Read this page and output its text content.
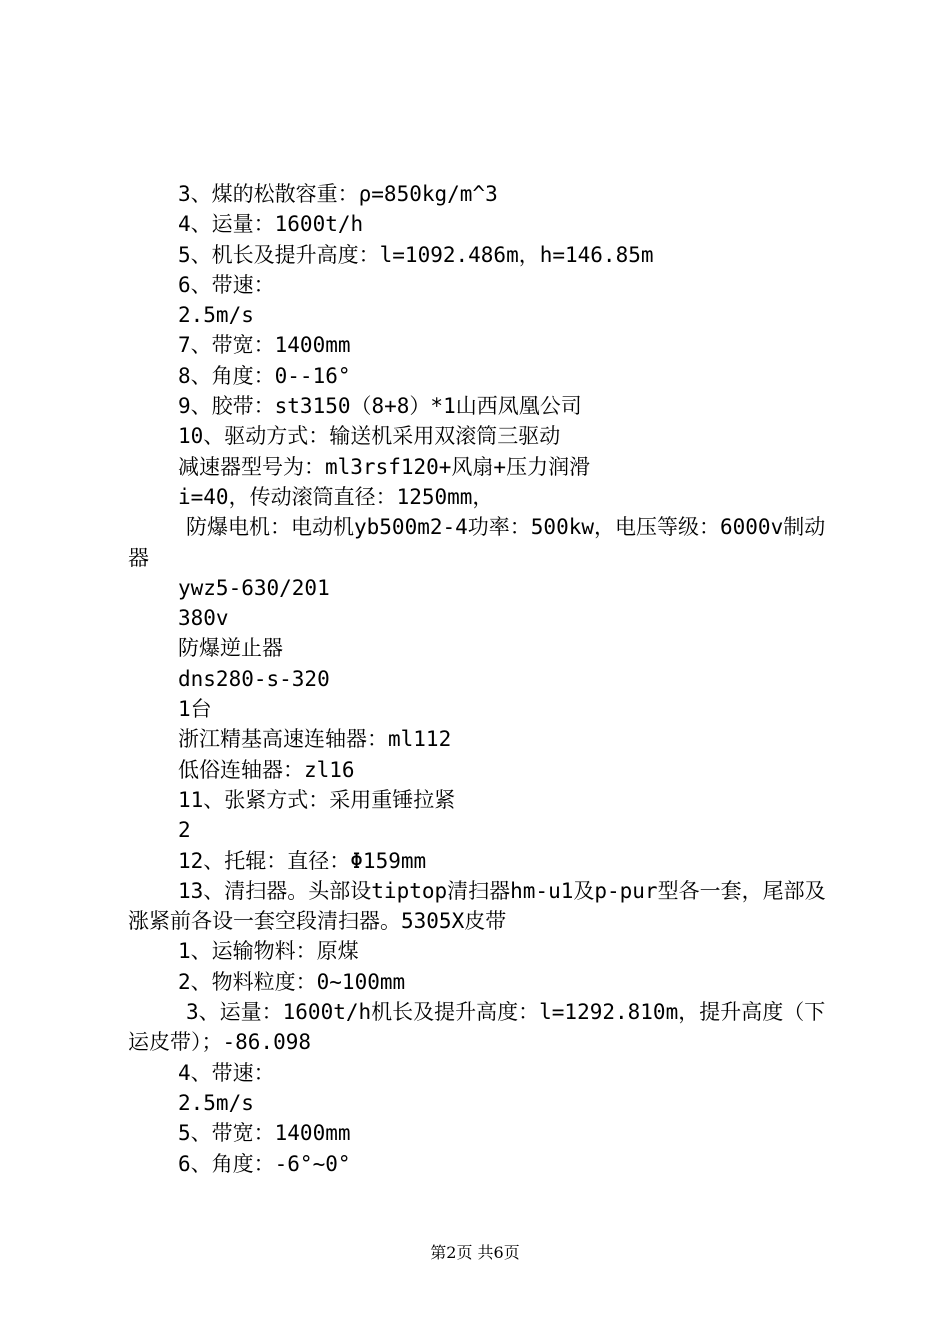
3、煤的松散容重：ρ=850kg/m^3
4、运量：1600t/h
5、机长及提升高度：l=1092.486m，h=146.85m
6、带速：
2.5m/s
7、带宽：1400mm
8、角度：0--16°
9、胶带：st3150（8+8）*1山西凤凰公司
10、驱动方式：输送机采用双滚筒三驱动
减速器型号为：ml3rsf120+风扇+压力润滑
i=40，传动滚筒直径：1250mm，
防爆电机：电动机yb500m2-4功率：500kw，电压等级：6000v制动器
ywz5-630/201
380v
防爆逆止器
dns280-s-320
1台
浙江精基高速连轴器：ml112
低俗连轴器：zl16
11、张紧方式：采用重锤拉紧
2
12、托辊：直径：Φ159mm
13、清扫器。头部设tiptop清扫器hm-u1及p-pur型各一套，尾部及涨紧前各设一套空段清扫器。5305X皮带
1、运输物料：原煤
2、物料粒度：0~100mm
3、运量：1600t/h机长及提升高度：l=1292.810m，提升高度（下运皮带）；-86.098
4、带速：
2.5m/s
5、带宽：1400mm
6、角度：-6°~0°
第2页 共6页
